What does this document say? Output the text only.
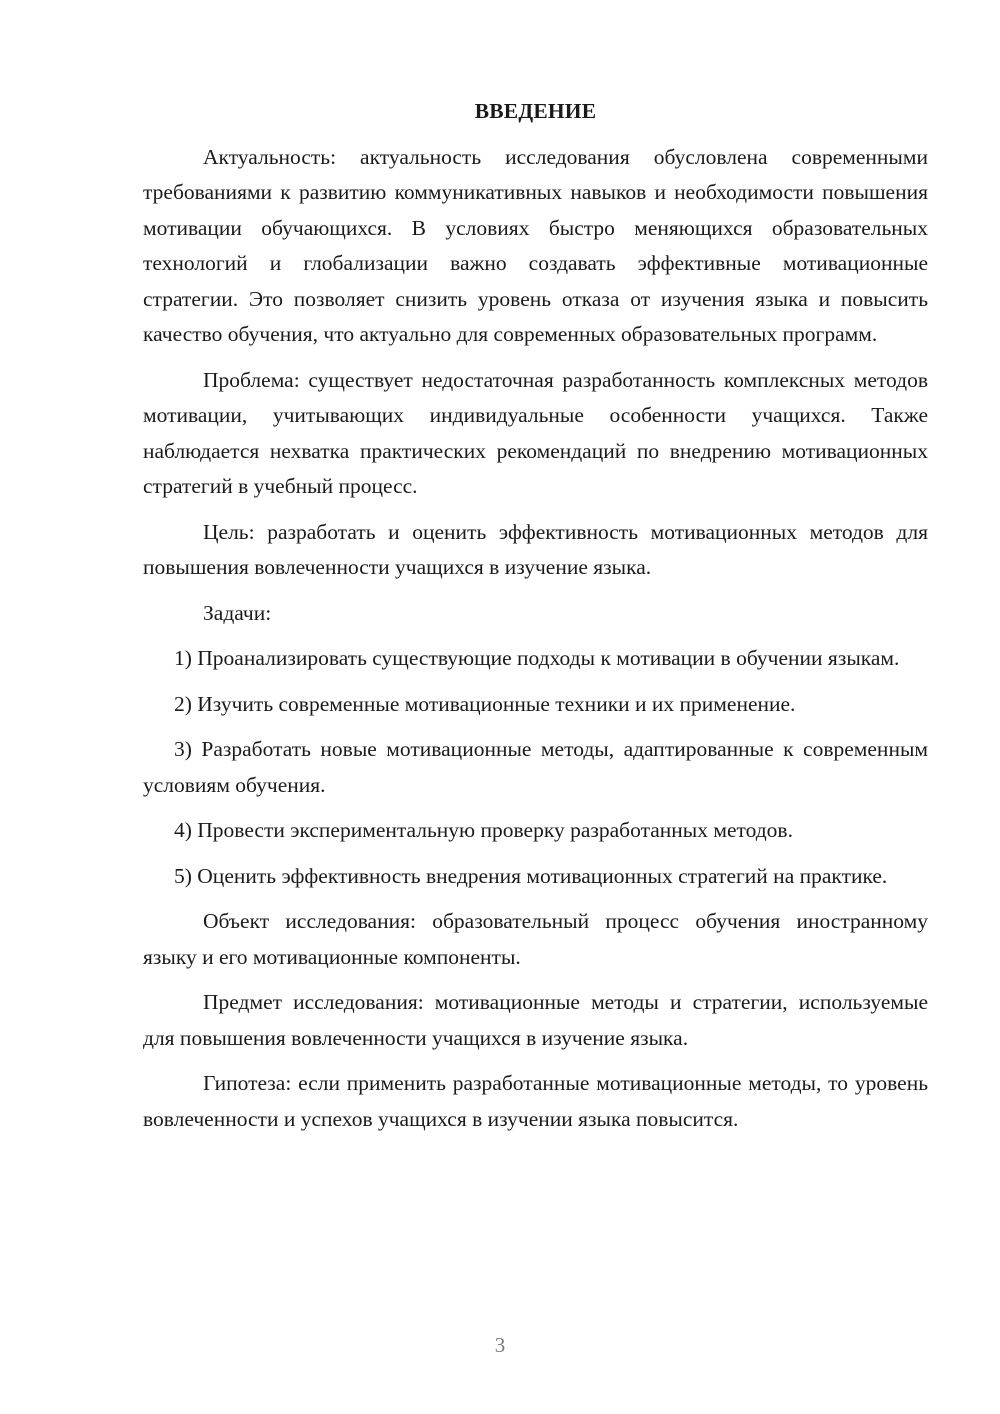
ВВЕДЕНИЕ

Актуальность: актуальность исследования обусловлена современными требованиями к развитию коммуникативных навыков и необходимости повышения мотивации обучающихся. В условиях быстро меняющихся образовательных технологий и глобализации важно создавать эффективные мотивационные стратегии. Это позволяет снизить уровень отказа от изучения языка и повысить качество обучения, что актуально для современных образовательных программ.

Проблема: существует недостаточная разработанность комплексных методов мотивации, учитывающих индивидуальные особенности учащихся. Также наблюдается нехватка практических рекомендаций по внедрению мотивационных стратегий в учебный процесс.

Цель: разработать и оценить эффективность мотивационных методов для повышения вовлеченности учащихся в изучение языка.

Задачи:

1) Проанализировать существующие подходы к мотивации в обучении языкам.

2) Изучить современные мотивационные техники и их применение.

3) Разработать новые мотивационные методы, адаптированные к современным условиям обучения.

4) Провести экспериментальную проверку разработанных методов.

5) Оценить эффективность внедрения мотивационных стратегий на практике.

Объект исследования: образовательный процесс обучения иностранному языку и его мотивационные компоненты.

Предмет исследования: мотивационные методы и стратегии, используемые для повышения вовлеченности учащихся в изучение языка.

Гипотеза: если применить разработанные мотивационные методы, то уровень вовлеченности и успехов учащихся в изучении языка повысится.

3
